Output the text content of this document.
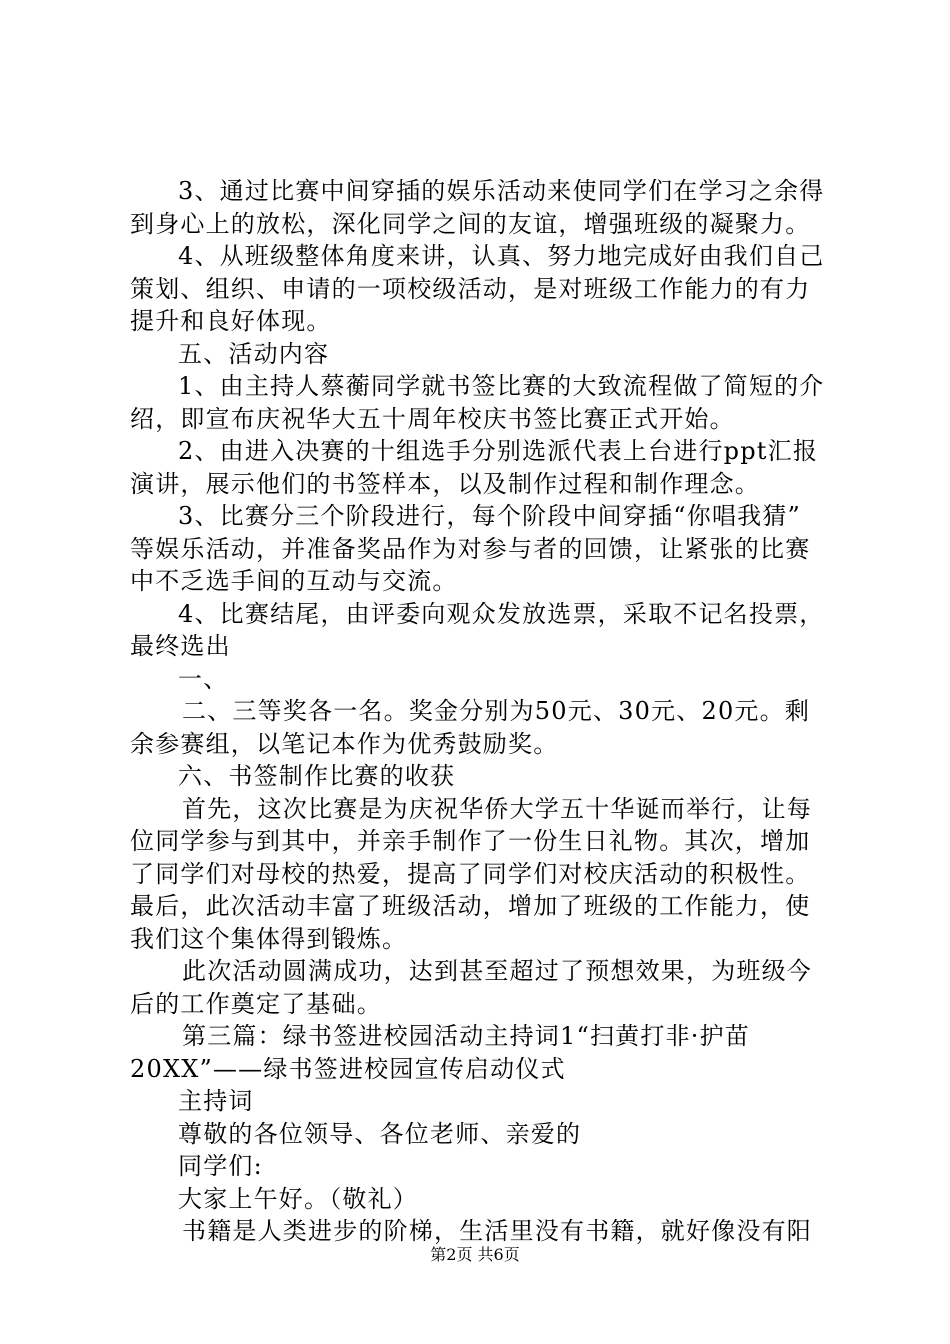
3、通过比赛中间穿插的娱乐活动来使同学们在学习之余得
到身心上的放松，深化同学之间的友谊，增强班级的凝聚力。
4、从班级整体角度来讲，认真、努力地完成好由我们自己
策划、组织、申请的一项校级活动，是对班级工作能力的有力
提升和良好体现。
五、活动内容
1、由主持人蔡蘅同学就书签比赛的大致流程做了简短的介
绍，即宣布庆祝华大五十周年校庆书签比赛正式开始。
2、由进入决赛的十组选手分别选派代表上台进行ppt汇报
演讲，展示他们的书签样本，以及制作过程和制作理念。
3、比赛分三个阶段进行，每个阶段中间穿插“你唱我猜”
等娱乐活动，并准备奖品作为对参与者的回馈，让紧张的比赛
中不乏选手间的互动与交流。
4、比赛结尾，由评委向观众发放选票，采取不记名投票，
最终选出
一、
二、三等奖各一名。奖金分别为50元、30元、20元。剩
余参赛组，以笔记本作为优秀鼓励奖。
六、书签制作比赛的收获
首先，这次比赛是为庆祝华侨大学五十华诞而举行，让每
位同学参与到其中，并亲手制作了一份生日礼物。其次，增加
了同学们对母校的热爱，提高了同学们对校庆活动的积极性。
最后，此次活动丰富了班级活动，增加了班级的工作能力，使
我们这个集体得到锻炼。
此次活动圆满成功，达到甚至超过了预想效果，为班级今
后的工作奠定了基础。
第三篇：绿书签进校园活动主持词1“扫黄打非·护苗
20XX”——绿书签进校园宣传启动仪式
主持词
尊敬的各位领导、各位老师、亲爱的
同学们:
大家上午好。（敬礼）
书籍是人类进步的阶梯，生活里没有书籍，就好像没有阳
第2页 共6页
